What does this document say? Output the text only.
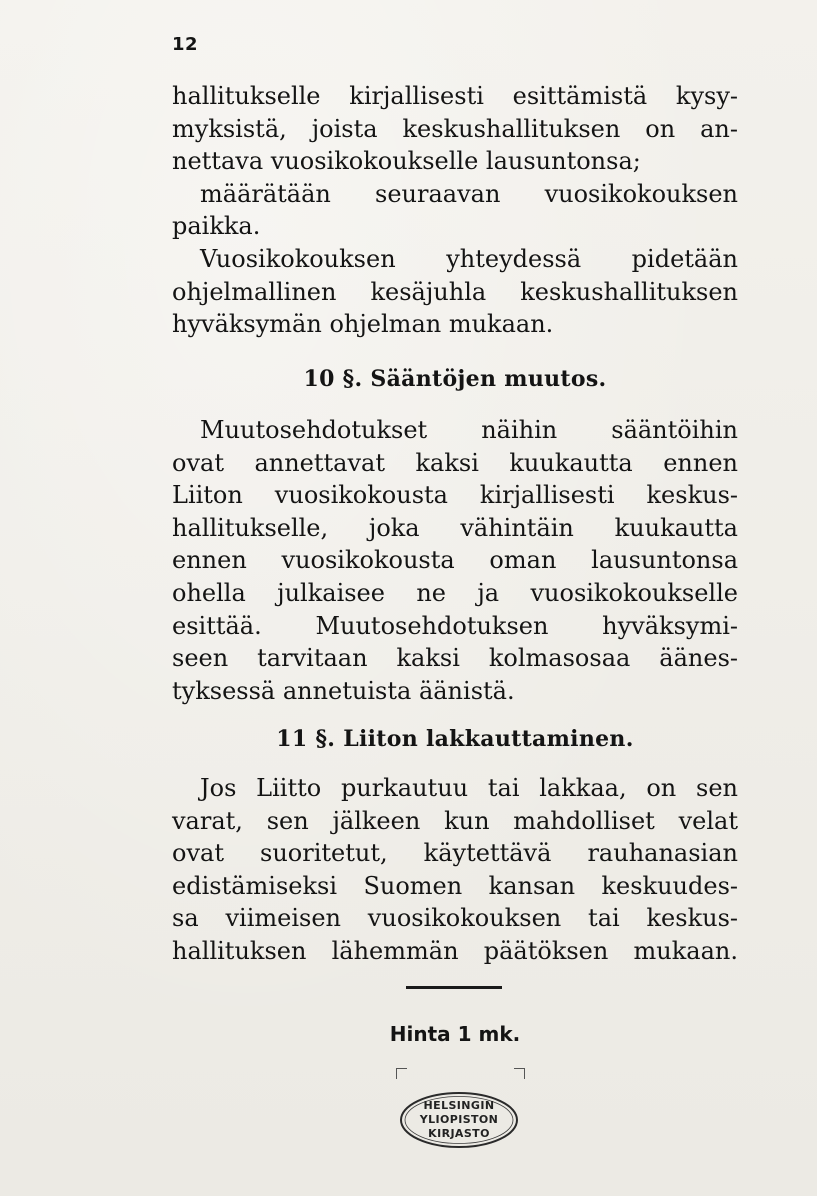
12
hallitukselle kirjallisesti esittämistä kysy-
myksistä, joista keskushallituksen on an-
nettava vuosikokoukselle lausuntonsa;
määrätään seuraavan vuosikokouksen
paikka.
Vuosikokouksen yhteydessä pidetään
ohjelmallinen kesäjuhla keskushallituksen
hyväksymän ohjelman mukaan.
10 §. Sääntöjen muutos.
Muutosehdotukset näihin sääntöihin
ovat annettavat kaksi kuukautta ennen
Liiton vuosikokousta kirjallisesti keskus-
hallitukselle, joka vähintäin kuukautta
ennen vuosikokousta oman lausuntonsa
ohella julkaisee ne ja vuosikokoukselle
esittää. Muutosehdotuksen hyväksymi-
seen tarvitaan kaksi kolmasosaa äänes-
tyksessä annetuista äänistä.
11 §. Liiton lakkauttaminen.
Jos Liitto purkautuu tai lakkaa, on sen
varat, sen jälkeen kun mahdolliset velat
ovat suoritetut, käytettävä rauhanasian
edistämiseksi Suomen kansan keskuudes-
sa viimeisen vuosikokouksen tai keskus-
hallituksen lähemmän päätöksen mukaan.
Hinta 1 mk.
HELSINGIN
YLIOPISTON
KIRJASTO
